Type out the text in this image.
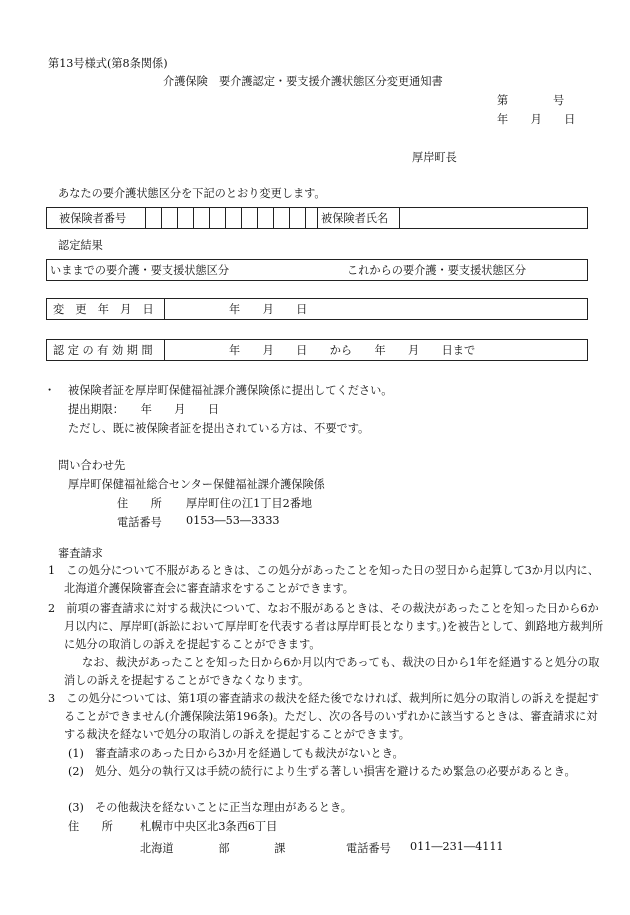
第13号様式(第8条関係)
介護保険　要介護認定・要支援介護状態区分変更通知書
第　　　　号
年　　月　　日
厚岸町長
あなたの要介護状態区分を下記のとおり変更します。
被保険者番号	被保険者氏名
認定結果
いままでの要介護・要支援状態区分	これからの要介護・要支援状態区分
変　更　年　月　日	年　　月　　日
認 定 の 有 効 期 間	年　　月　　日　　から　　年　　月　　日まで
・ 被保険者証を厚岸町保健福祉課介護保険係に提出してください。
提出期限：　　年　　月　　日
ただし、既に被保険者証を提出されている方は、不要です。
問い合わせ先
厚岸町保健福祉総合センター保健福祉課介護保険係
住　　所 厚岸町住の江1丁目2番地
電話番号 0153―53―3333
審査請求
1　この処分について不服があるときは、この処分があったことを知った日の翌日から起算して3か月以内に、北海道介護保険審査会に審査請求をすることができます。
2　前項の審査請求に対する裁決について、なお不服があるときは、その裁決があったことを知った日から6か月以内に、厚岸町(訴訟において厚岸町を代表する者は厚岸町長となります。)を被告として、釧路地方裁判所に処分の取消しの訴えを提起することができます。
なお、裁決があったことを知った日から6か月以内であっても、裁決の日から1年を経過すると処分の取消しの訴えを提起することができなくなります。
3　この処分については、第1項の審査請求の裁決を経た後でなければ、裁判所に処分の取消しの訴えを提起することができません(介護保険法第196条)。ただし、次の各号のいずれかに該当するときは、審査請求に対する裁決を経ないで処分の取消しの訴えを提起することができます。
(1)　審査請求のあった日から3か月を経過しても裁決がないとき。
(2)　処分、処分の執行又は手続の続行により生ずる著しい損害を避けるため緊急の必要があるとき。
(3)　その他裁決を経ないことに正当な理由があるとき。
住　　所 札幌市中央区北3条西6丁目
北海道　　　　部　　　　課	電話番号 011―231―4111
